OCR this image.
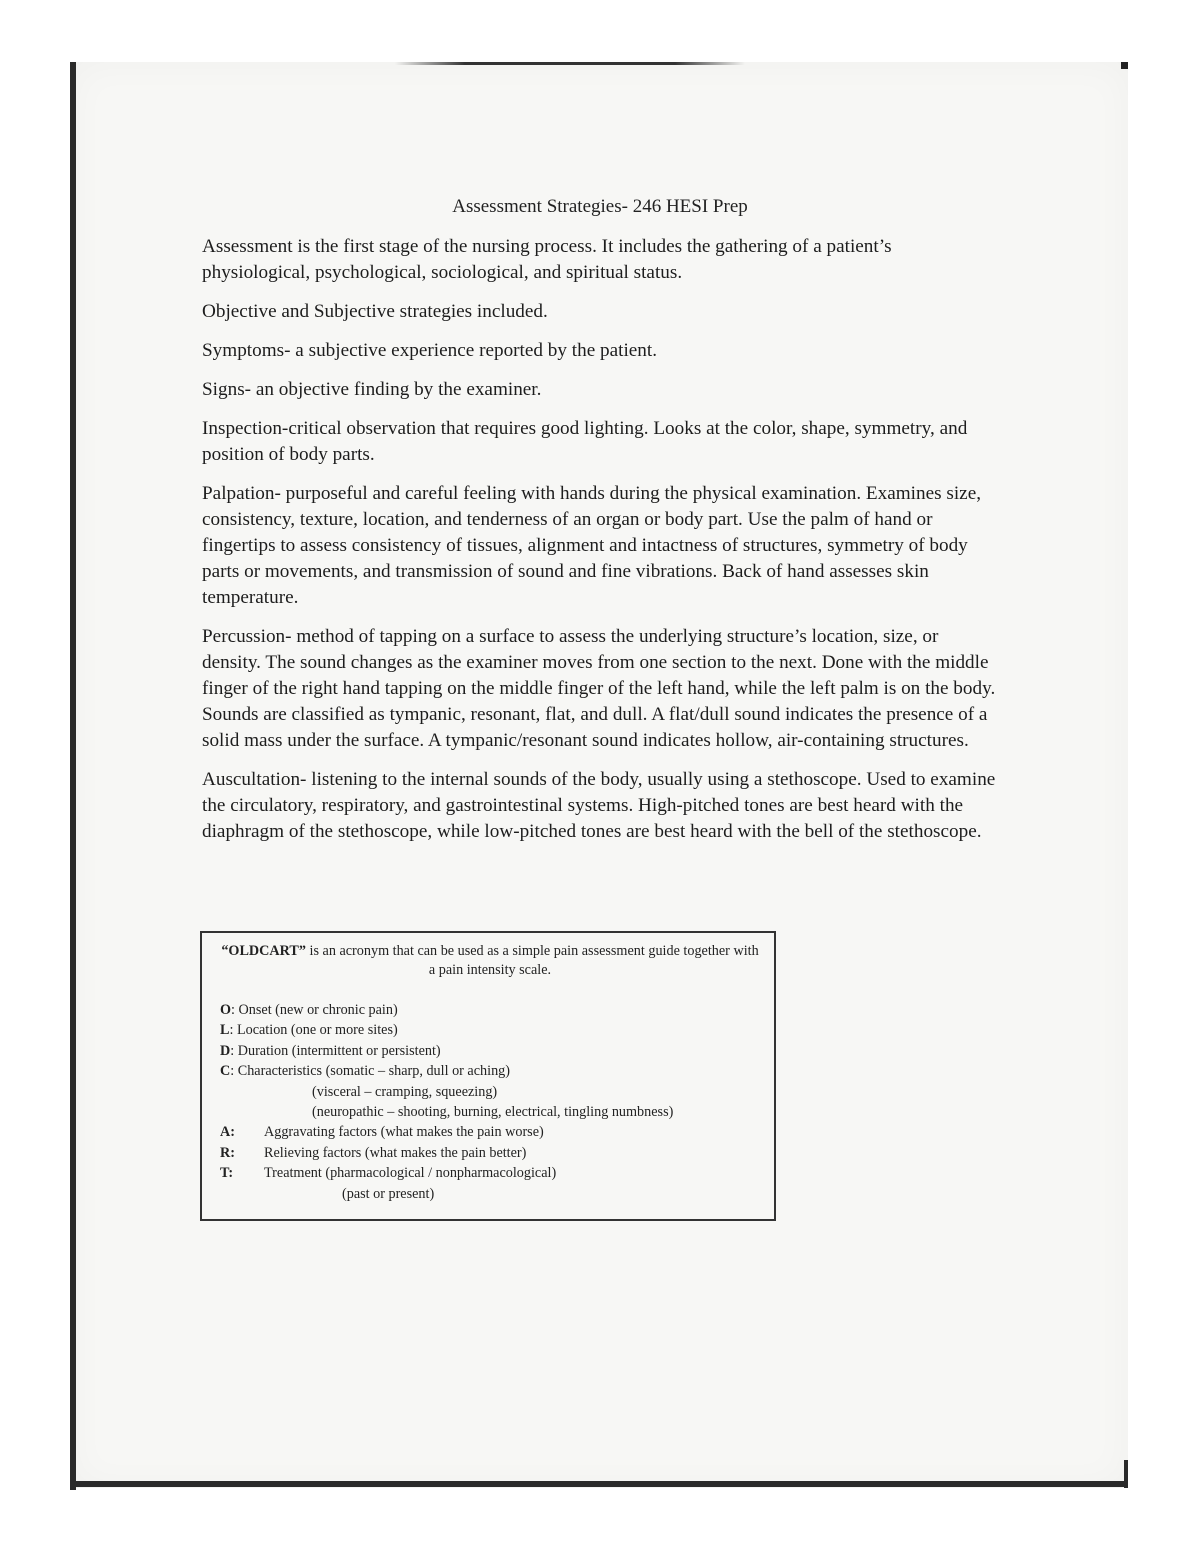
Assessment Strategies- 246 HESI Prep

Assessment is the first stage of the nursing process. It includes the gathering of a patient’s physiological, psychological, sociological, and spiritual status.

Objective and Subjective strategies included.

Symptoms- a subjective experience reported by the patient.

Signs- an objective finding by the examiner.

Inspection-critical observation that requires good lighting. Looks at the color, shape, symmetry, and position of body parts.

Palpation- purposeful and careful feeling with hands during the physical examination. Examines size, consistency, texture, location, and tenderness of an organ or body part. Use the palm of hand or fingertips to assess consistency of tissues, alignment and intactness of structures, symmetry of body parts or movements, and transmission of sound and fine vibrations. Back of hand assesses skin temperature.

Percussion- method of tapping on a surface to assess the underlying structure’s location, size, or density. The sound changes as the examiner moves from one section to the next. Done with the middle finger of the right hand tapping on the middle finger of the left hand, while the left palm is on the body. Sounds are classified as tympanic, resonant, flat, and dull. A flat/dull sound indicates the presence of a solid mass under the surface. A tympanic/resonant sound indicates hollow, air-containing structures.

Auscultation- listening to the internal sounds of the body, usually using a stethoscope. Used to examine the circulatory, respiratory, and gastrointestinal systems. High-pitched tones are best heard with the diaphragm of the stethoscope, while low-pitched tones are best heard with the bell of the stethoscope.

“OLDCART” is an acronym that can be used as a simple pain assessment guide together with a pain intensity scale.
O: Onset (new or chronic pain)
L: Location (one or more sites)
D: Duration (intermittent or persistent)
C: Characteristics (somatic – sharp, dull or aching)
(visceral – cramping, squeezing)
(neuropathic – shooting, burning, electrical, tingling numbness)
A: Aggravating factors (what makes the pain worse)
R: Relieving factors (what makes the pain better)
T: Treatment (pharmacological / nonpharmacological)
(past or present)
